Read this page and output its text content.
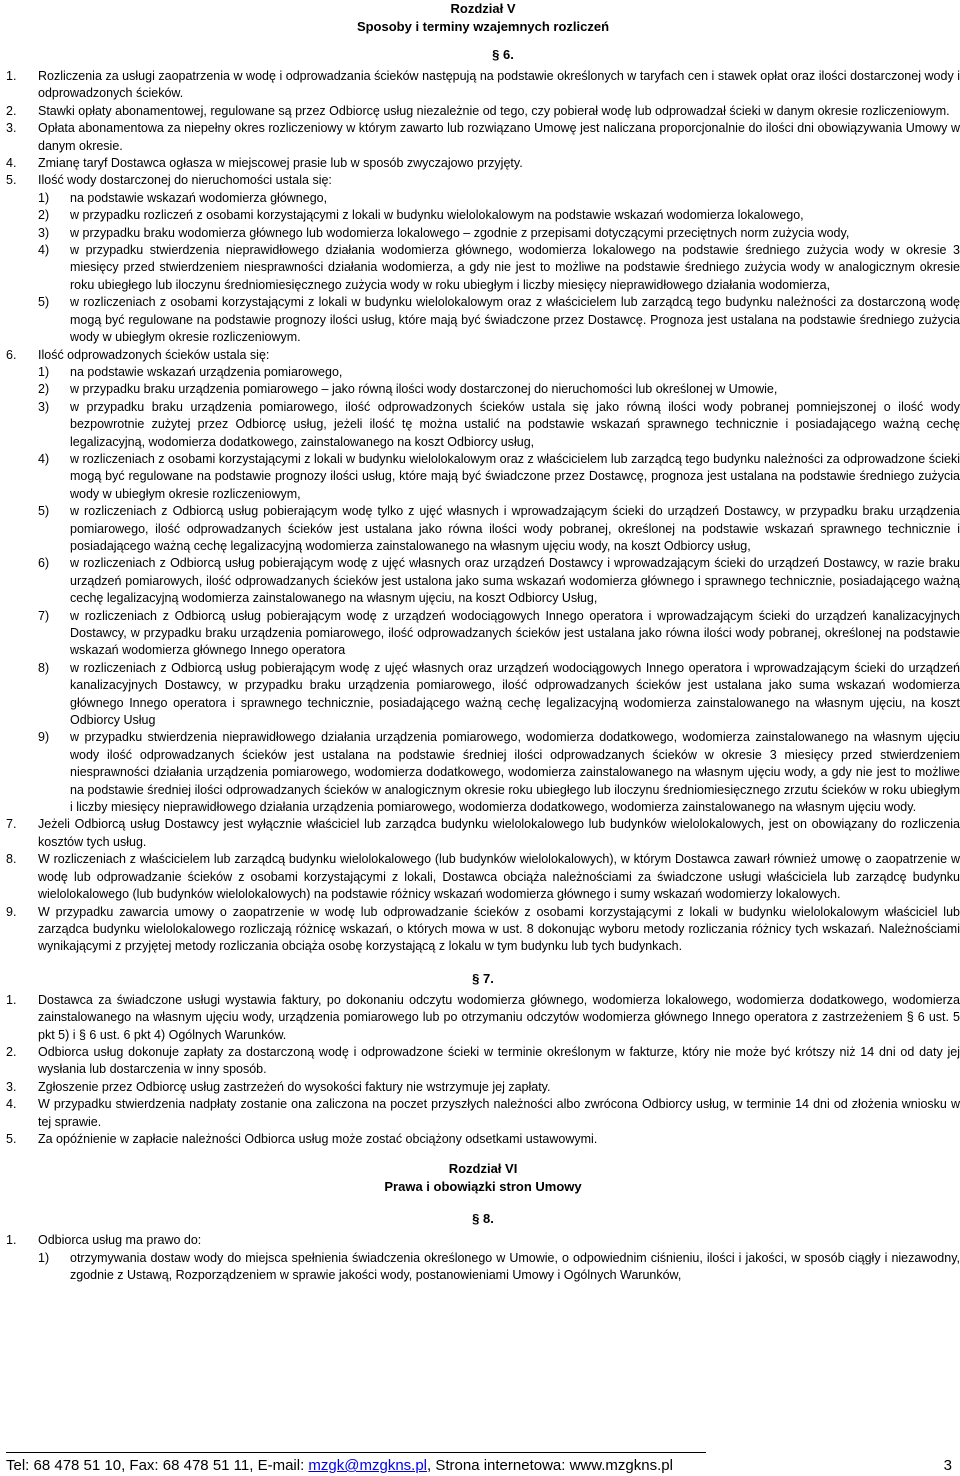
Rozdział V
Sposoby i terminy wzajemnych rozliczeń
§ 6.
1. Rozliczenia za usługi zaopatrzenia w wodę i odprowadzania ścieków następują na podstawie określonych w taryfach cen i stawek opłat oraz ilości dostarczonej wody i odprowadzonych ścieków.
2. Stawki opłaty abonamentowej, regulowane są przez Odbiorcę usług niezależnie od tego, czy pobierał wodę lub odprowadzał ścieki w danym okresie rozliczeniowym.
3. Opłata abonamentowa za niepełny okres rozliczeniowy w którym zawarto lub rozwiązano Umowę jest naliczana proporcjonalnie do ilości dni obowiązywania Umowy w danym okresie.
4. Zmianę taryf Dostawca ogłasza w miejscowej prasie lub w sposób zwyczajowo przyjęty.
5. Ilość wody dostarczonej do nieruchomości ustala się:
1) na podstawie wskazań wodomierza głównego,
2) w przypadku rozliczeń z osobami korzystającymi z lokali w budynku wielolokalowym na podstawie wskazań wodomierza lokalowego,
3) w przypadku braku wodomierza głównego lub wodomierza lokalowego – zgodnie z przepisami dotyczącymi przeciętnych norm zużycia wody,
4) w przypadku stwierdzenia nieprawidłowego działania wodomierza głównego, wodomierza lokalowego na podstawie średniego zużycia wody w okresie 3 miesięcy przed stwierdzeniem niesprawności działania wodomierza, a gdy nie jest to możliwe na podstawie średniego zużycia wody w analogicznym okresie roku ubiegłego lub iloczynu średniomiesięcznego zużycia wody w roku ubiegłym i liczby miesięcy nieprawidłowego działania wodomierza,
5) w rozliczeniach z osobami korzystającymi z lokali w budynku wielolokalowym oraz z właścicielem lub zarządcą tego budynku należności za dostarczoną wodę mogą być regulowane na podstawie prognozy ilości usług, które mają być świadczone przez Dostawcę. Prognoza jest ustalana na podstawie średniego zużycia wody w ubiegłym okresie rozliczeniowym.
6. Ilość odprowadzonych ścieków ustala się:
1) na podstawie wskazań urządzenia pomiarowego,
2) w przypadku braku urządzenia pomiarowego – jako równą ilości wody dostarczonej do nieruchomości lub określonej w Umowie,
3) w przypadku braku urządzenia pomiarowego, ilość odprowadzonych ścieków ustala się jako równą ilości wody pobranej pomniejszonej o ilość wody bezpowrotnie zużytej przez Odbiorcę usług, jeżeli ilość tę można ustalić na podstawie wskazań sprawnego technicznie i posiadającego ważną cechę legalizacyjną, wodomierza dodatkowego, zainstalowanego na koszt Odbiorcy usług,
4) w rozliczeniach z osobami korzystającymi z lokali w budynku wielolokalowym oraz z właścicielem lub zarządcą tego budynku należności za odprowadzone ścieki mogą być regulowane na podstawie prognozy ilości usług, które mają być świadczone przez Dostawcę, prognoza jest ustalana na podstawie średniego zużycia wody w ubiegłym okresie rozliczeniowym,
5) w rozliczeniach z Odbiorcą usług pobierającym wodę tylko z ujęć własnych i wprowadzającym ścieki do urządzeń Dostawcy, w przypadku braku urządzenia pomiarowego, ilość odprowadzanych ścieków jest ustalana jako równa ilości wody pobranej, określonej na podstawie wskazań sprawnego technicznie i posiadającego ważną cechę legalizacyjną wodomierza zainstalowanego na własnym ujęciu wody, na koszt Odbiorcy usług,
6) w rozliczeniach z Odbiorcą usług pobierającym wodę z ujęć własnych oraz urządzeń Dostawcy i wprowadzającym ścieki do urządzeń Dostawcy, w razie braku urządzeń pomiarowych, ilość odprowadzanych ścieków jest ustalona jako suma wskazań wodomierza głównego i sprawnego technicznie, posiadającego ważną cechę legalizacyjną wodomierza zainstalowanego na własnym ujęciu, na koszt Odbiorcy Usług,
7) w rozliczeniach z Odbiorcą usług pobierającym wodę z urządzeń wodociągowych Innego operatora i wprowadzającym ścieki do urządzeń kanalizacyjnych Dostawcy, w przypadku braku urządzenia pomiarowego, ilość odprowadzanych ścieków jest ustalana jako równa ilości wody pobranej, określonej na podstawie wskazań wodomierza głównego Innego operatora
8) w rozliczeniach z Odbiorcą usług pobierającym wodę z ujęć własnych oraz urządzeń wodociągowych Innego operatora i wprowadzającym ścieki do urządzeń kanalizacyjnych Dostawcy, w przypadku braku urządzenia pomiarowego, ilość odprowadzanych ścieków jest ustalana jako suma wskazań wodomierza głównego Innego operatora i sprawnego technicznie, posiadającego ważną cechę legalizacyjną wodomierza zainstalowanego na własnym ujęciu, na koszt Odbiorcy Usług
9) w przypadku stwierdzenia nieprawidłowego działania urządzenia pomiarowego, wodomierza dodatkowego, wodomierza zainstalowanego na własnym ujęciu wody ilość odprowadzanych ścieków jest ustalana na podstawie średniej ilości odprowadzanych ścieków w okresie 3 miesięcy przed stwierdzeniem niesprawności działania urządzenia pomiarowego, wodomierza dodatkowego, wodomierza zainstalowanego na własnym ujęciu wody, a gdy nie jest to możliwe na podstawie średniej ilości odprowadzanych ścieków w analogicznym okresie roku ubiegłego lub iloczynu średniomiesięcznego zrzutu ścieków w roku ubiegłym i liczby miesięcy nieprawidłowego działania urządzenia pomiarowego, wodomierza dodatkowego, wodomierza zainstalowanego na własnym ujęciu wody.
7. Jeżeli Odbiorcą usług Dostawcy jest wyłącznie właściciel lub zarządca budynku wielolokalowego lub budynków wielolokalowych, jest on obowiązany do rozliczenia kosztów tych usług.
8. W rozliczeniach z właścicielem lub zarządcą budynku wielolokalowego (lub budynków wielolokalowych), w którym Dostawca zawarł również umowę o zaopatrzenie w wodę lub odprowadzanie ścieków z osobami korzystającymi z lokali, Dostawca obciąża należnościami za świadczone usługi właściciela lub zarządcę budynku wielolokalowego (lub budynków wielolokalowych) na podstawie różnicy wskazań wodomierza głównego i sumy wskazań wodomierzy lokalowych.
9. W przypadku zawarcia umowy o zaopatrzenie w wodę lub odprowadzanie ścieków z osobami korzystającymi z lokali w budynku wielolokalowym właściciel lub zarządca budynku wielolokalowego rozliczają różnicę wskazań, o których mowa w ust. 8 dokonując wyboru metody rozliczania różnicy tych wskazań. Należnościami wynikającymi z przyjętej metody rozliczania obciąża osobę korzystającą z lokalu w tym budynku lub tych budynkach.
§ 7.
1. Dostawca za świadczone usługi wystawia faktury, po dokonaniu odczytu wodomierza głównego, wodomierza lokalowego, wodomierza dodatkowego, wodomierza zainstalowanego na własnym ujęciu wody, urządzenia pomiarowego lub po otrzymaniu odczytów wodomierza głównego Innego operatora z zastrzeżeniem § 6 ust. 5 pkt 5) i § 6 ust. 6 pkt 4) Ogólnych Warunków.
2. Odbiorca usług dokonuje zapłaty za dostarczoną wodę i odprowadzone ścieki w terminie określonym w fakturze, który nie może być krótszy niż 14 dni od daty jej wysłania lub dostarczenia w inny sposób.
3. Zgłoszenie przez Odbiorcę usług zastrzeżeń do wysokości faktury nie wstrzymuje jej zapłaty.
4. W przypadku stwierdzenia nadpłaty zostanie ona zaliczona na poczet przyszłych należności albo zwrócona Odbiorcy usług, w terminie 14 dni od złożenia wniosku w tej sprawie.
5. Za opóźnienie w zapłacie należności Odbiorca usług może zostać obciążony odsetkami ustawowymi.
Rozdział VI
Prawa i obowiązki stron Umowy
§ 8.
1. Odbiorca usług ma prawo do:
1) otrzymywania dostaw wody do miejsca spełnienia świadczenia określonego w Umowie, o odpowiednim ciśnieniu, ilości i jakości, w sposób ciągły i niezawodny, zgodnie z Ustawą, Rozporządzeniem w sprawie jakości wody, postanowieniami Umowy i Ogólnych Warunków,
Tel: 68 478 51 10, Fax: 68 478 51 11, E-mail: mzgk@mzgkns.pl, Strona internetowa: www.mzgkns.pl	3
